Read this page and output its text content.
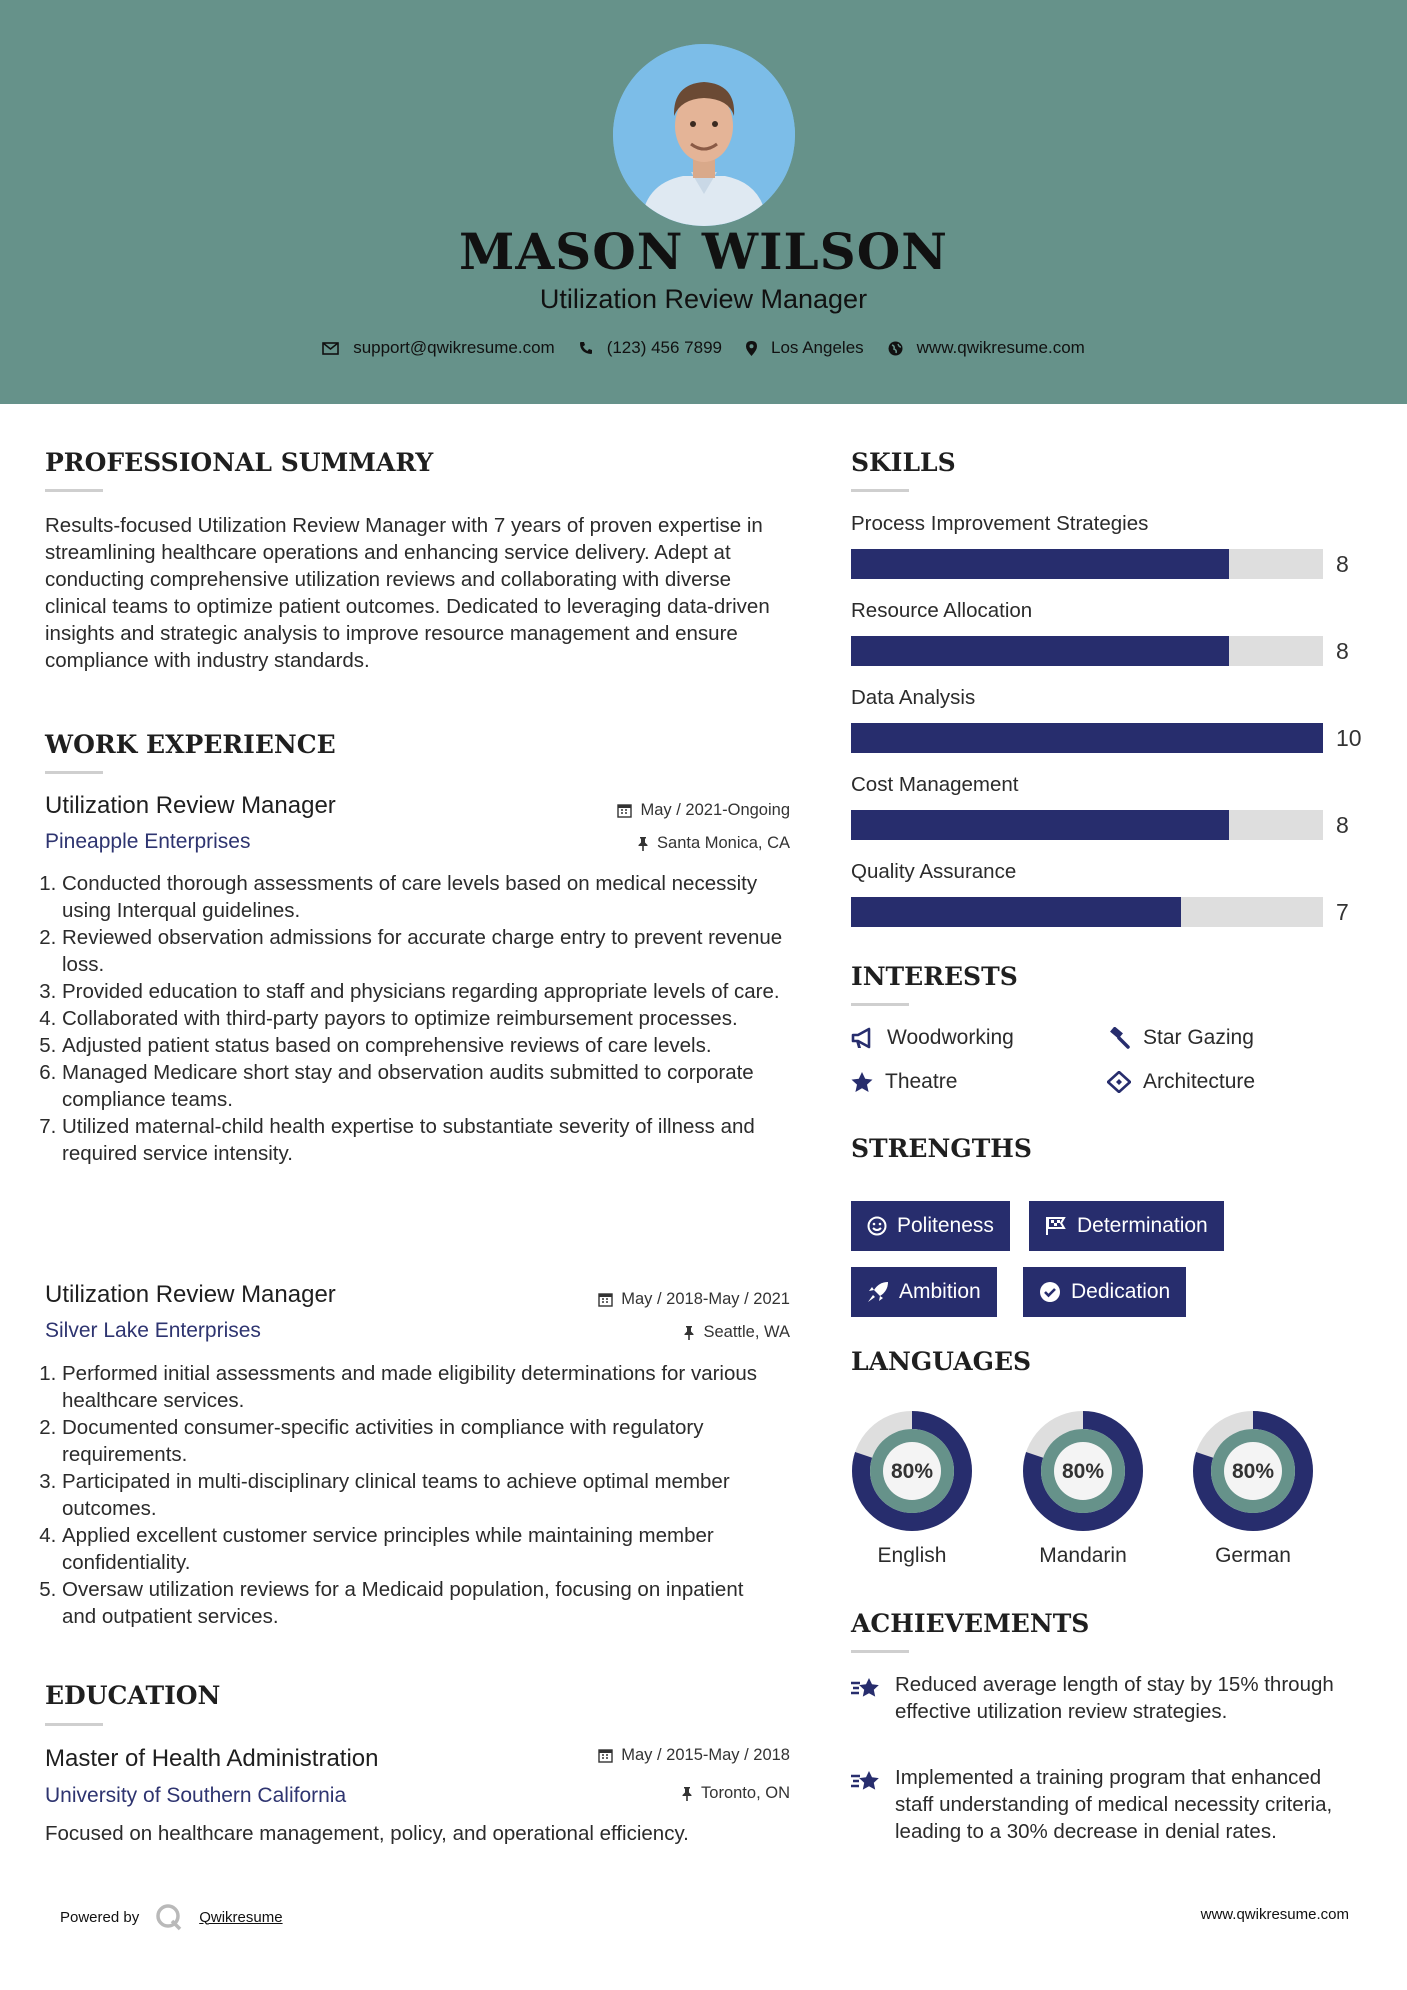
MASON WILSON
Utilization Review Manager
support@qwikresume.com	(123) 456 7899	Los Angeles	www.qwikresume.com
PROFESSIONAL SUMMARY
Results-focused Utilization Review Manager with 7 years of proven expertise in streamlining healthcare operations and enhancing service delivery. Adept at conducting comprehensive utilization reviews and collaborating with diverse clinical teams to optimize patient outcomes. Dedicated to leveraging data-driven insights and strategic analysis to improve resource management and ensure compliance with industry standards.
WORK EXPERIENCE
Utilization Review Manager	May / 2021-Ongoing
Pineapple Enterprises	Santa Monica, CA
1. Conducted thorough assessments of care levels based on medical necessity using Interqual guidelines.
2. Reviewed observation admissions for accurate charge entry to prevent revenue loss.
3. Provided education to staff and physicians regarding appropriate levels of care.
4. Collaborated with third-party payors to optimize reimbursement processes.
5. Adjusted patient status based on comprehensive reviews of care levels.
6. Managed Medicare short stay and observation audits submitted to corporate compliance teams.
7. Utilized maternal-child health expertise to substantiate severity of illness and required service intensity.
Utilization Review Manager	May / 2018-May / 2021
Silver Lake Enterprises	Seattle, WA
1. Performed initial assessments and made eligibility determinations for various healthcare services.
2. Documented consumer-specific activities in compliance with regulatory requirements.
3. Participated in multi-disciplinary clinical teams to achieve optimal member outcomes.
4. Applied excellent customer service principles while maintaining member confidentiality.
5. Oversaw utilization reviews for a Medicaid population, focusing on inpatient and outpatient services.
EDUCATION
Master of Health Administration	May / 2015-May / 2018
University of Southern California	Toronto, ON
Focused on healthcare management, policy, and operational efficiency.
SKILLS
Process Improvement Strategies
8
Resource Allocation
8
Data Analysis
10
Cost Management
8
Quality Assurance
7
INTERESTS
Woodworking	Star Gazing
Theatre	Architecture
STRENGTHS
Politeness	Determination
Ambition	Dedication
LANGUAGES
80%
English
80%
Mandarin
80%
German
ACHIEVEMENTS
Reduced average length of stay by 15% through effective utilization review strategies.
Implemented a training program that enhanced staff understanding of medical necessity criteria, leading to a 30% decrease in denial rates.
Powered by	Qwikresume	www.qwikresume.com
